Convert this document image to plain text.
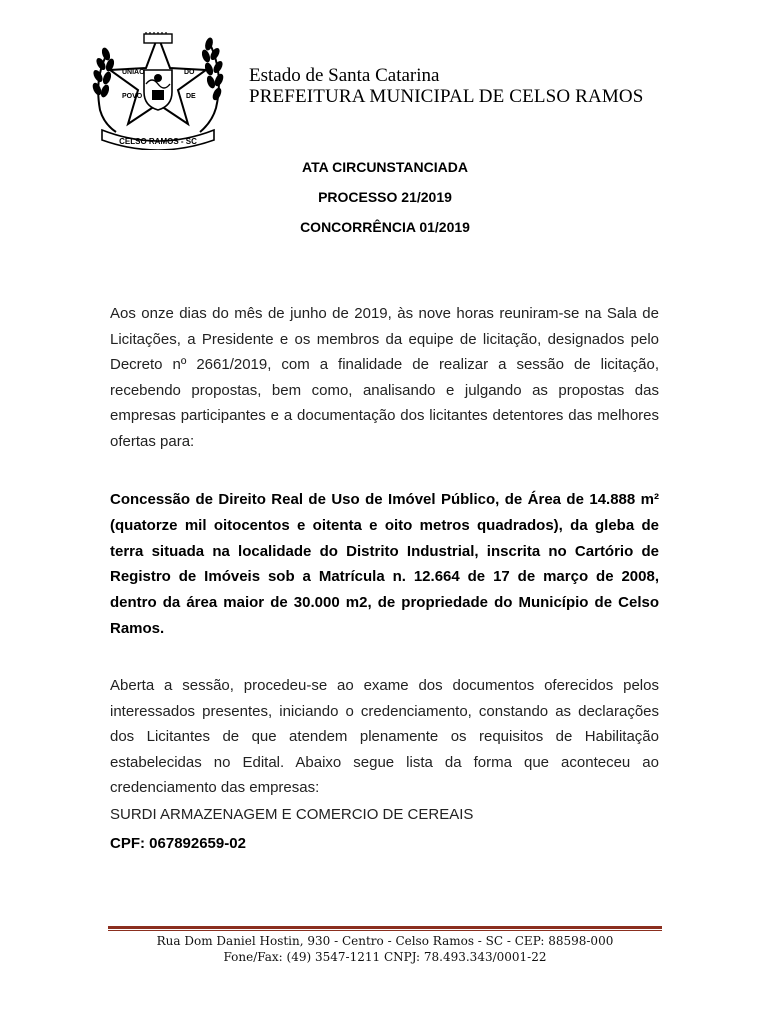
UNIÃO	DO
POVO	DE
CELSO RAMOS - SC
Estado de Santa Catarina
PREFEITURA MUNICIPAL DE CELSO RAMOS
ATA CIRCUNSTANCIADA
PROCESSO 21/2019
CONCORRÊNCIA 01/2019
Aos onze dias do mês de junho de 2019, às nove horas reuniram-se na Sala de Licitações, a Presidente e os membros da equipe de licitação, designados pelo Decreto nº 2661/2019, com a finalidade de realizar a sessão de licitação, recebendo propostas, bem como, analisando e julgando as propostas das empresas participantes e a documentação dos licitantes detentores das melhores ofertas para:
Concessão de Direito Real de Uso de Imóvel Público, de Área de 14.888 m² (quatorze mil oitocentos e oitenta e oito metros quadrados), da gleba de terra situada na localidade do Distrito Industrial, inscrita no Cartório de Registro de Imóveis sob a Matrícula n. 12.664 de 17 de março de 2008, dentro da área maior de 30.000 m2, de propriedade do Município de Celso Ramos.
Aberta a sessão, procedeu-se ao exame dos documentos oferecidos pelos interessados presentes, iniciando o credenciamento, constando as declarações dos Licitantes de que atendem plenamente os requisitos de Habilitação estabelecidas no Edital. Abaixo segue lista da forma que aconteceu ao credenciamento das empresas:
SURDI ARMAZENAGEM E COMERCIO DE CEREAIS
CPF: 067892659-02
Rua Dom Daniel Hostin, 930 - Centro - Celso Ramos - SC - CEP: 88598-000
Fone/Fax: (49) 3547-1211 CNPJ: 78.493.343/0001-22
